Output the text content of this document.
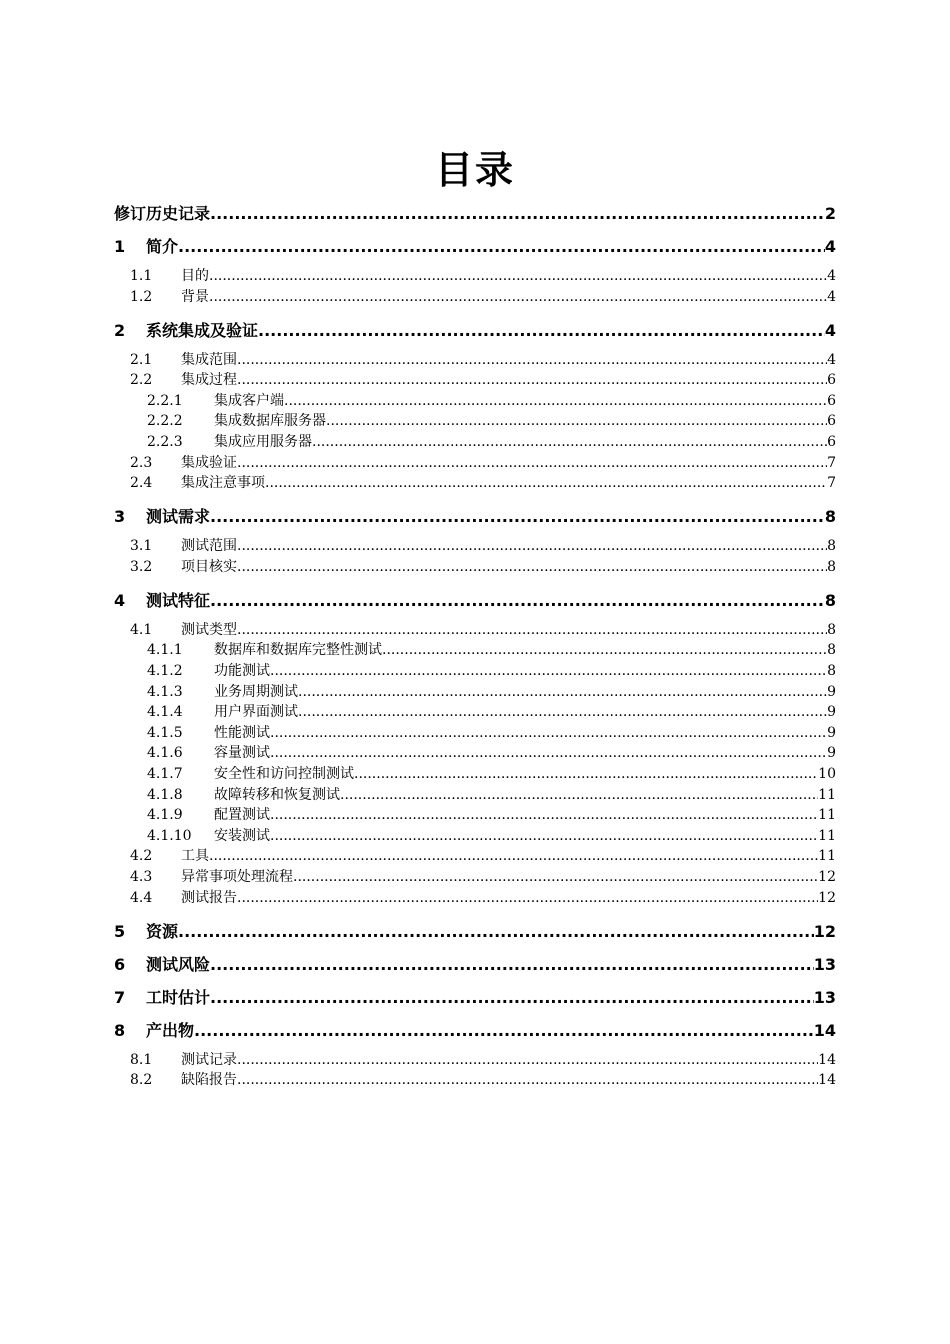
目录
修订历史记录 .....	2
1	简介 .....	4
1.1	目的 .....	4
1.2	背景 .....	4
2	系统集成及验证 .....	4
2.1	集成范围 .....	4
2.2	集成过程 .....	6
2.2.1	集成客户端 .....	6
2.2.2	集成数据库服务器 .....	6
2.2.3	集成应用服务器 .....	6
2.3	集成验证 .....	7
2.4	集成注意事项 .....	7
3	测试需求 .....	8
3.1	测试范围 .....	8
3.2	项目核实 .....	8
4	测试特征 .....	8
4.1	测试类型 .....	8
4.1.1	数据库和数据库完整性测试 .....	8
4.1.2	功能测试 .....	8
4.1.3	业务周期测试 .....	9
4.1.4	用户界面测试 .....	9
4.1.5	性能测试 .....	9
4.1.6	容量测试 .....	9
4.1.7	安全性和访问控制测试 .....	10
4.1.8	故障转移和恢复测试 .....	11
4.1.9	配置测试 .....	11
4.1.10	安装测试 .....	11
4.2	工具 .....	11
4.3	异常事项处理流程 .....	12
4.4	测试报告 .....	12
5	资源 .....	12
6	测试风险 .....	13
7	工时估计 .....	13
8	产出物 .....	14
8.1	测试记录 .....	14
8.2	缺陷报告 .....	14
